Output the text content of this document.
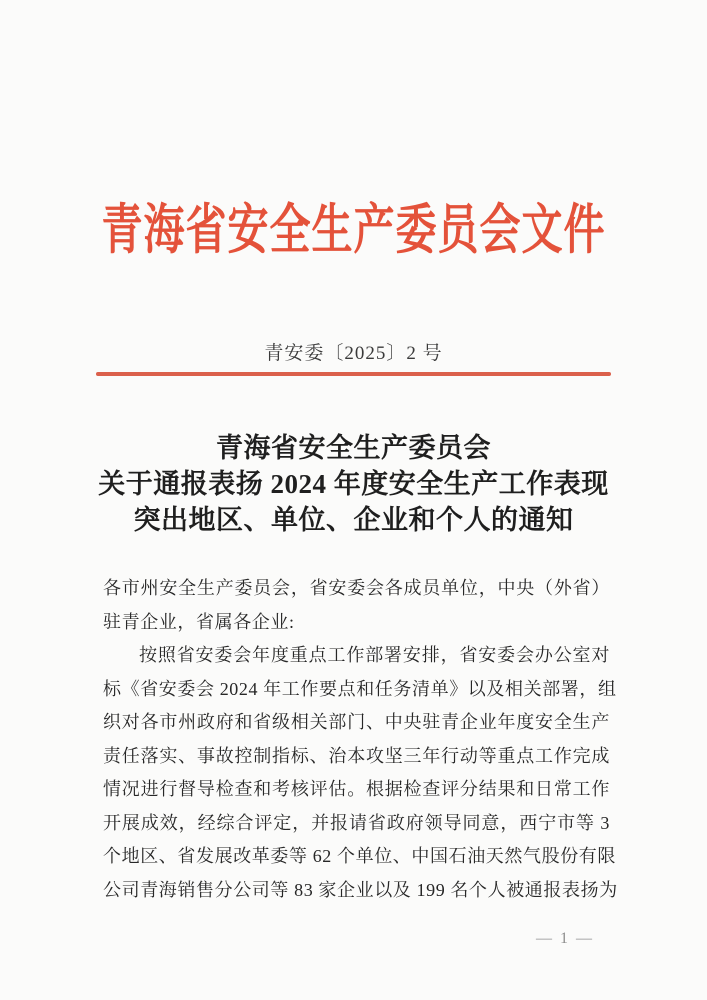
青海省安全生产委员会文件
青安委〔2025〕2 号
青海省安全生产委员会
关于通报表扬 2024 年度安全生产工作表现
突出地区、单位、企业和个人的通知
各市州安全生产委员会，省安委会各成员单位，中央（外省）
驻青企业，省属各企业:
按照省安委会年度重点工作部署安排，省安委会办公室对
标《省安委会 2024 年工作要点和任务清单》以及相关部署，组
织对各市州政府和省级相关部门、中央驻青企业年度安全生产
责任落实、事故控制指标、治本攻坚三年行动等重点工作完成
情况进行督导检查和考核评估。根据检查评分结果和日常工作
开展成效，经综合评定，并报请省政府领导同意，西宁市等 3
个地区、省发展改革委等 62 个单位、中国石油天然气股份有限
公司青海销售分公司等 83 家企业以及 199 名个人被通报表扬为
— 1 —
